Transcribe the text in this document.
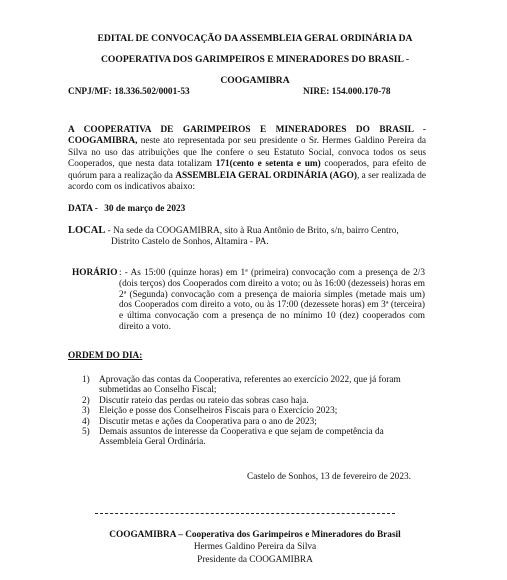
EDITAL DE CONVOCAÇÃO DA ASSEMBLEIA GERAL ORDINÁRIA DA
COOPERATIVA DOS GARIMPEIROS E MINERADORES DO BRASIL -
COOGAMIBRA
CNPJ/MF: 18.336.502/0001-53	NIRE: 154.000.170-78
A COOPERATIVA DE GARIMPEIROS E MINERADORES DO BRASIL - COOGAMIBRA, neste ato representada por seu presidente o Sr. Hermes Galdino Pereira da Silva no uso das atribuições que lhe confere o seu Estatuto Social, convoca todos os seus Cooperados, que nesta data totalizam 171(cento e setenta e um) cooperados, para efeito de quórum para a realização da ASSEMBLEIA GERAL ORDINÁRIA (AGO), a ser realizada de acordo com os indicativos abaixo:
DATA - 30 de março de 2023
LOCAL - Na sede da COOGAMIBRA, sito à Rua Antônio de Brito, s/n, bairro Centro,
Distrito Castelo de Sonhos, Altamira - PA.
HORÁRIO : - As 15:00 (quinze horas) em 1ª (primeira) convocação com a presença de 2/3 (dois terços) dos Cooperados com direito a voto; ou às 16:00 (dezesseis) horas em 2ª (Segunda) convocação com a presença de maioria simples (metade mais um) dos Cooperados com direito a voto, ou às 17:00 (dezessete horas) em 3ª (terceira) e última convocação com a presença de no mínimo 10 (dez) cooperados com direito a voto.
ORDEM DO DIA:
1) Aprovação das contas da Cooperativa, referentes ao exercício 2022, que já foram submetidas ao Conselho Fiscal;
2) Discutir rateio das perdas ou rateio das sobras caso haja.
3) Eleição e posse dos Conselheiros Fiscais para o Exercício 2023;
4) Discutir metas e ações da Cooperativa para o ano de 2023;
5) Demais assuntos de interesse da Cooperativa e que sejam de competência da Assembleia Geral Ordinária.
Castelo de Sonhos, 13 de fevereiro de 2023.
COOGAMIBRA – Cooperativa dos Garimpeiros e Mineradores do Brasil
Hermes Galdino Pereira da Silva
Presidente da COOGAMIBRA
